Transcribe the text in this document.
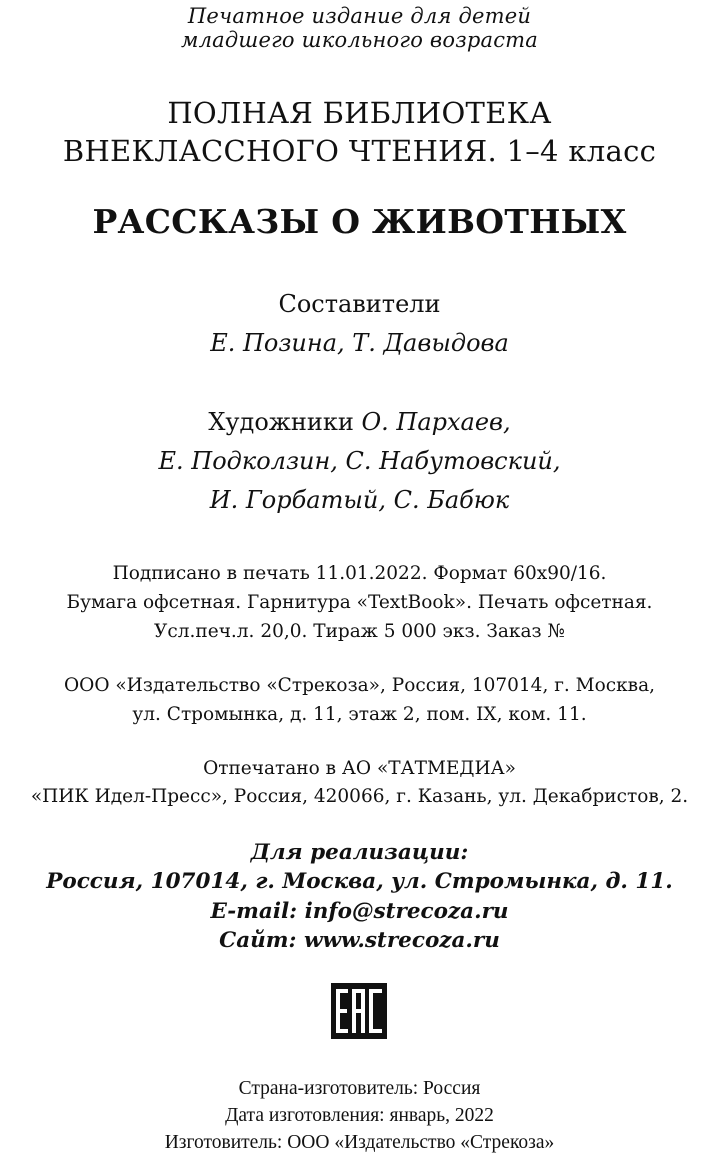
Печатное издание для детей
младшего школьного возраста
ПОЛНАЯ БИБЛИОТЕКА
ВНЕКЛАССНОГО ЧТЕНИЯ. 1–4 класс
РАССКАЗЫ О ЖИВОТНЫХ
Составители
Е. Позина, Т. Давыдова
Художники О. Пархаев,
Е. Подколзин, С. Набутовский,
И. Горбатый, С. Бабюк
Подписано в печать 11.01.2022. Формат 60х90/16.
Бумага офсетная. Гарнитура «TextBook». Печать офсетная.
Усл.печ.л. 20,0. Тираж 5 000 экз. Заказ №
ООО «Издательство «Стрекоза», Россия, 107014, г. Москва,
ул. Стромынка, д. 11, этаж 2, пом. IX, ком. 11.
Отпечатано в АО «ТАТМЕДИА»
«ПИК Идел-Пресс», Россия, 420066, г. Казань, ул. Декабристов, 2.
Для реализации:
Россия, 107014, г. Москва, ул. Стромынка, д. 11.
E-mail: info@strecoza.ru
Сайт: www.strecoza.ru
Страна-изготовитель: Россия
Дата изготовления: январь, 2022
Изготовитель: ООО «Издательство «Стрекоза»
